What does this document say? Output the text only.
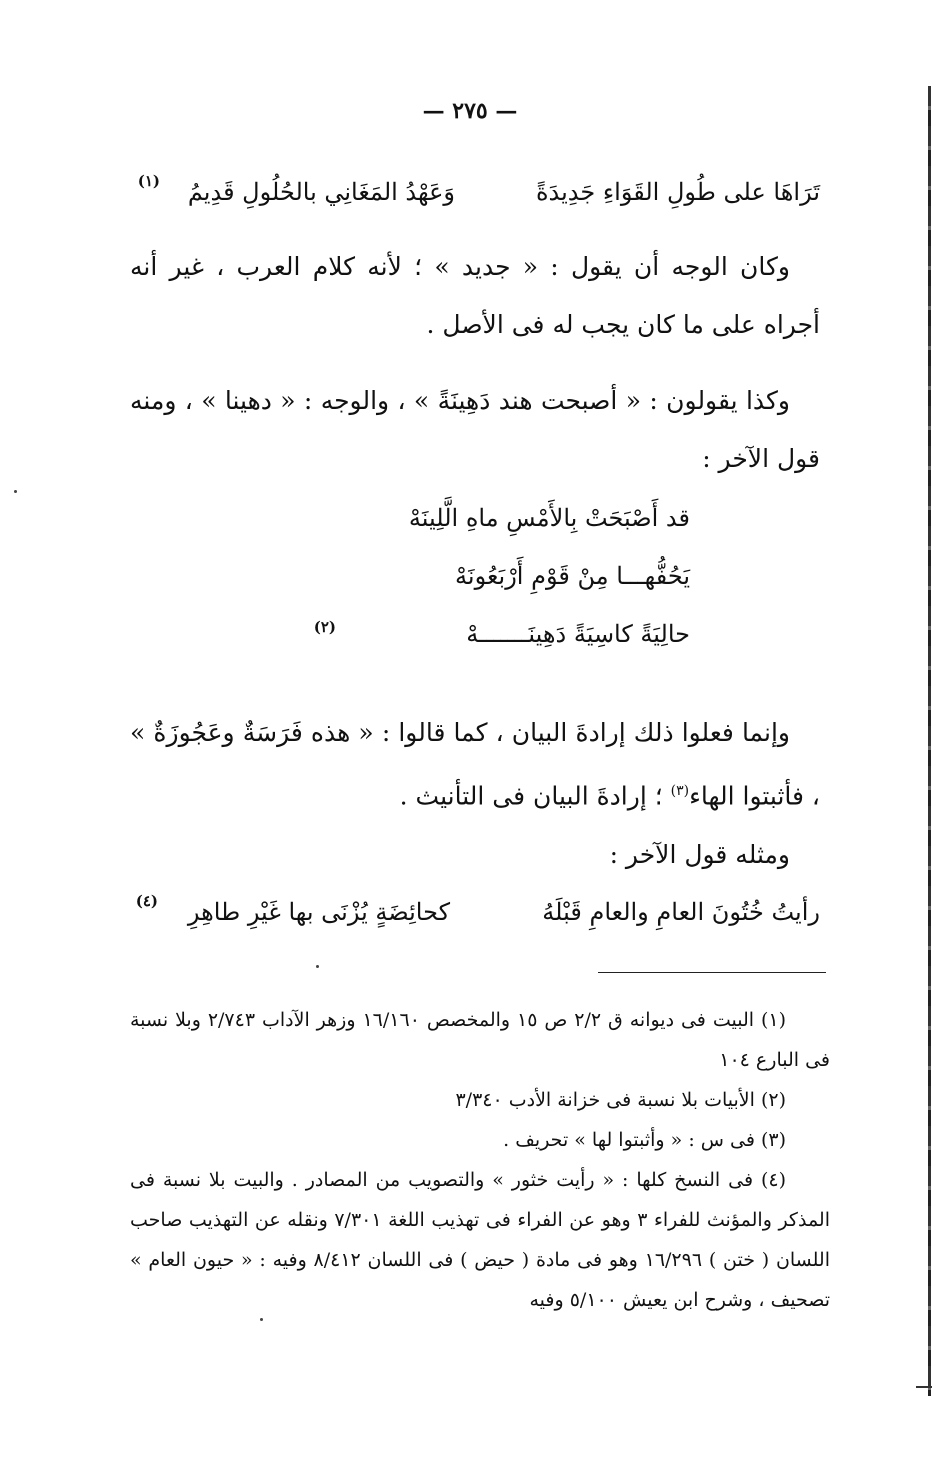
— ٢٧٥ —
تَرَاهَا على طُولِ القَوَاءِ جَدِيدَةً
وَعَهْدُ المَغَانِي بالحُلُولِ قَدِيمُ
(١)

وكان الوجه أن يقول : « جديد » ؛ لأنه كلام العرب ، غير أنه أجراه على ما كان يجب له فى الأصل .

وكذا يقولون : « أصبحت هند دَهِينَةً » ، والوجه : « دهينا » ، ومنه قول الآخر :

قد أَصْبَحَتْ بِالأَمْسِ ماهِ الَّلِينَهْ
يَحُفُّهـــا مِنْ قَوْمِ أَرْبَعُونَهْ
حالِيَةً كاسِيَةً دَهِينَـــــــهْ
(٢)

وإنما فعلوا ذلك إرادةَ البيان ، كما قالوا : « هذه فَرَسَةٌ وعَجُوزَةٌ » ، فأثبتوا الهاء$^{(٣)}$ ؛ إرادةَ البيان فى التأنيث .

ومثله قول الآخر :

رأيتُ خُتُونَ العامِ والعامِ قَبْلَهُ
كحائِضَةٍ يُزْنَى بها غَيْرِ طاهِرِ
(٤)

(١) البيت فى ديوانه ق ٢/٢ ص ١٥ والمخصص ١٦/١٦٠ وزهر الآداب ٢/٧٤٣ وبلا نسبة فى البارع ١٠٤

(٢) الأبيات بلا نسبة فى خزانة الأدب ٣/٣٤٠

(٣) فى س : « وأثبتوا لها » تحريف .

(٤) فى النسخ كلها : « رأيت خثور » والتصويب من المصادر . والبيت بلا نسبة فى المذكر والمؤنث للفراء ٣ وهو عن الفراء فى تهذيب اللغة ٧/٣٠١ ونقله عن التهذيب صاحب اللسان ( ختن ) ١٦/٢٩٦ وهو فى مادة ( حيض ) فى اللسان ٨/٤١٢ وفيه : « حيون العام » تصحيف ، وشرح ابن يعيش ٥/١٠٠ وفيه
